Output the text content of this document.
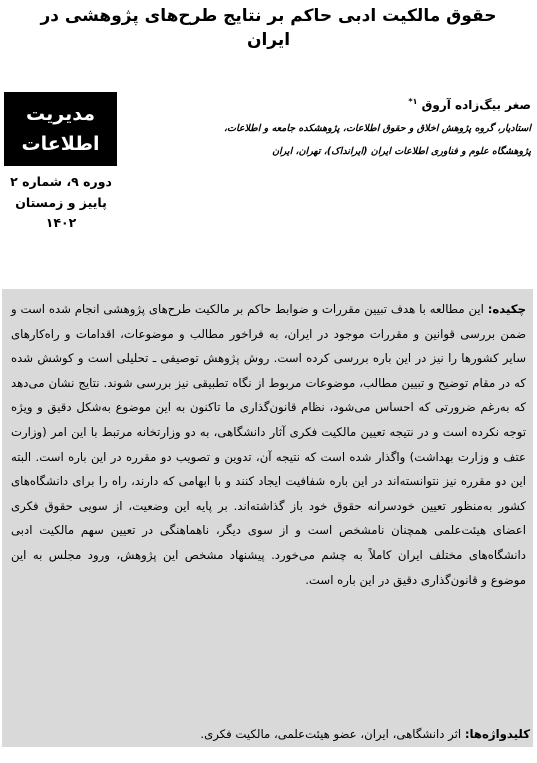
حقوق مالکیت ادبی حاکم بر نتایج طرح‌های پژوهشی در ایران
مدیریت
اطلاعات
دوره ۹، شماره ۲
پاییز و زمستان ۱۴۰۲
صغر بیگ‌زاده آروق $^{۱*}$
استادیار، گروه پژوهش اخلاق و حقوق اطلاعات، پژوهشکده جامعه و اطلاعات،
پژوهشگاه علوم و فناوری اطلاعات ایران (ایرانداک)، تهران، ایران
چکیده: این مطالعه با هدف تبیین مقررات و ضوابط حاکم بر مالکیت طرح‌های پژوهشی انجام شده است و ضمن بررسی قوانین و مقررات موجود در ایران، به فراخور مطالب و موضوعات، اقدامات و راه‌کارهای سایر کشورها را نیز در این باره بررسی کرده است. روش پژوهش توصیفی ـ تحلیلی است و کوشش شده که در مقام توضیح و تبیین مطالب، موضوعات مربوط از نگاه تطبیقی نیز بررسی شوند. نتایج نشان می‌دهد که به‌رغم ضرورتی که احساس می‌شود، نظام قانون‌گذاری ما تاکنون به این موضوع به‌شکل دقیق و ویژه توجه نکرده است و در نتیجه تعیین مالکیت فکری آثار دانشگاهی، به دو وزارتخانه مرتبط با این امر (وزارت عتف و وزارت بهداشت) واگذار شده است که نتیجه آن، تدوین و تصویب دو مقرره در این باره است. البته این دو مقرره نیز نتوانسته‌اند در این باره شفافیت ایجاد کنند و با ابهامی که دارند، راه را برای دانشگاه‌های کشور به‌منظور تعیین خودسرانه حقوق خود باز گذاشته‌اند. بر پایه این وضعیت، از سویی حقوق فکری اعضای هیئت‌علمی همچنان نامشخص است و از سوی دیگر، ناهماهنگی در تعیین سهم مالکیت ادبی دانشگاه‌های مختلف ایران کاملاً به چشم می‌خورد. پیشنهاد مشخص این پژوهش، ورود مجلس به این موضوع و قانون‌گذاری دقیق در این باره است.
کلیدواژه‌ها: اثر دانشگاهی، ایران، عضو هیئت‌علمی، مالکیت فکری.
